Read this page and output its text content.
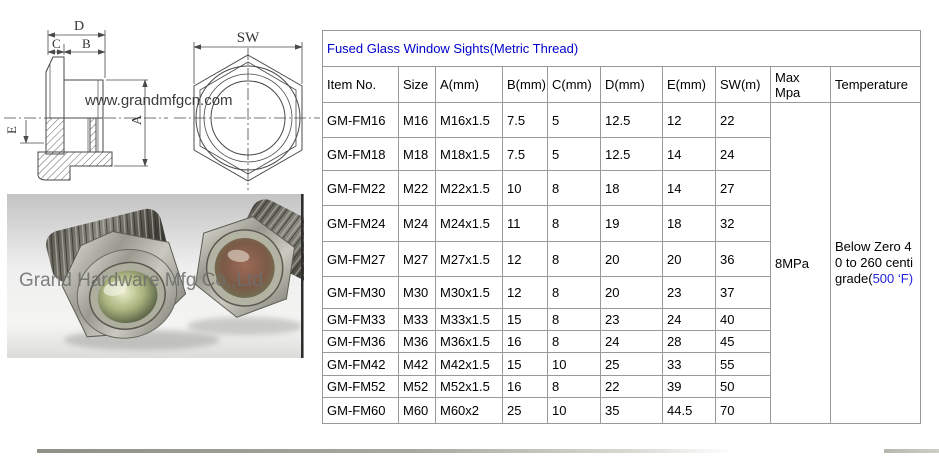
D
C B
A
E
SW
www.grandmfgcn.com
Grand Hardware Mfg Co.,Ltd
Fused Glass Window Sights(Metric Thread)									
Item No.	Size	A(mm)	B(mm)	C(mm)	D(mm)	E(mm)	SW(m)	Max Mpa	Temperature
GM-FM16	M16	M16x1.5	7.5	5	12.5	12	22	8MPa	Below Zero 40 to 260 centigrade(500 ‘F)
GM-FM18	M18	M18x1.5	7.5	5	12.5	14	24		
GM-FM22	M22	M22x1.5	10	8	18	14	27		
GM-FM24	M24	M24x1.5	11	8	19	18	32		
GM-FM27	M27	M27x1.5	12	8	20	20	36		
GM-FM30	M30	M30x1.5	12	8	20	23	37		
GM-FM33	M33	M33x1.5	15	8	23	24	40		
GM-FM36	M36	M36x1.5	16	8	24	28	45		
GM-FM42	M42	M42x1.5	15	10	25	33	55		
GM-FM52	M52	M52x1.5	16	8	22	39	50		
GM-FM60	M60	M60x2	25	10	35	44.5	70		
